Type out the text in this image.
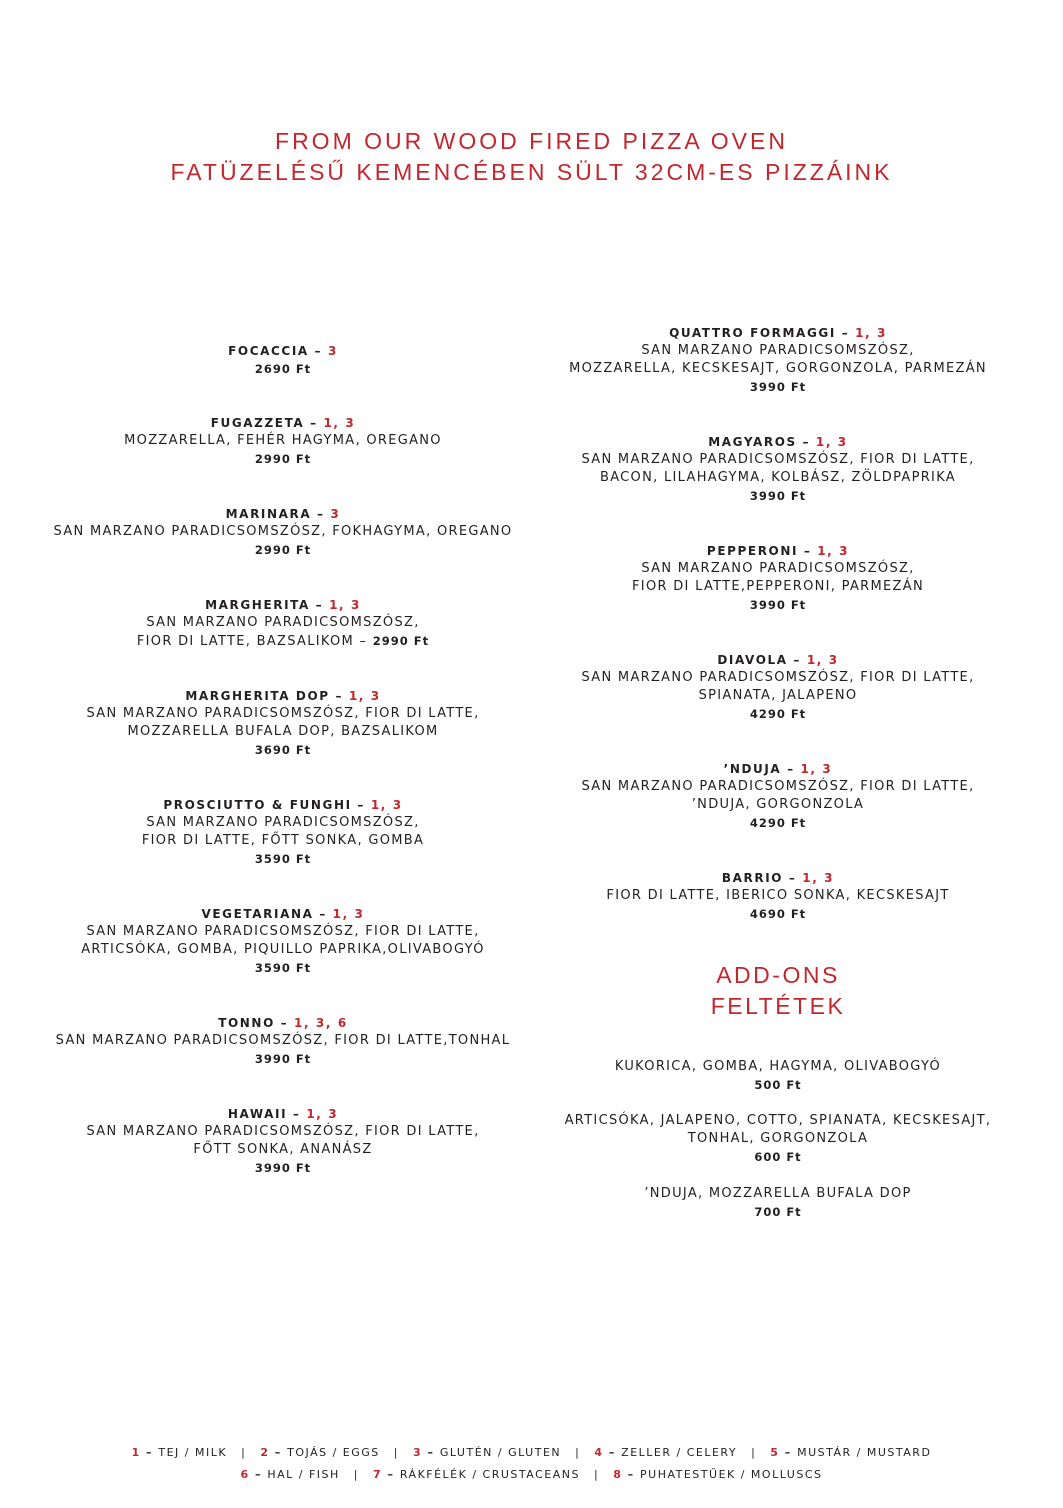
FROM OUR WOOD FIRED PIZZA OVEN
FATÜZELÉSŰ KEMENCÉBEN SÜLT 32CM-ES PIZZÁINK
FOCACCIA – 3
2690 Ft
FUGAZZETA – 1, 3
MOZZARELLA, FEHÉR HAGYMA, OREGANO
2990 Ft
MARINARA – 3
SAN MARZANO PARADICSOMSZÓSZ, FOKHAGYMA, OREGANO
2990 Ft
MARGHERITA – 1, 3
SAN MARZANO PARADICSOMSZÓSZ,
FIOR DI LATTE, BAZSALIKOM – 2990 Ft
MARGHERITA DOP – 1, 3
SAN MARZANO PARADICSOMSZÓSZ, FIOR DI LATTE,
MOZZARELLA BUFALA DOP, BAZSALIKOM
3690 Ft
PROSCIUTTO & FUNGHI – 1, 3
SAN MARZANO PARADICSOMSZÓSZ,
FIOR DI LATTE, FŐTT SONKA, GOMBA
3590 Ft
VEGETARIANA – 1, 3
SAN MARZANO PARADICSOMSZÓSZ, FIOR DI LATTE,
ARTICSÓKA, GOMBA, PIQUILLO PAPRIKA,OLIVABOGYÓ
3590 Ft
TONNO – 1, 3, 6
SAN MARZANO PARADICSOMSZÓSZ, FIOR DI LATTE,TONHAL
3990 Ft
HAWAII – 1, 3
SAN MARZANO PARADICSOMSZÓSZ, FIOR DI LATTE,
FŐTT SONKA, ANANÁSZ
3990 Ft
QUATTRO FORMAGGI – 1, 3
SAN MARZANO PARADICSOMSZÓSZ,
MOZZARELLA, KECSKESAJT, GORGONZOLA, PARMEZÁN
3990 Ft
MAGYAROS – 1, 3
SAN MARZANO PARADICSOMSZÓSZ, FIOR DI LATTE,
BACON, LILAHAGYMA, KOLBÁSZ, ZÖLDPAPRIKA
3990 Ft
PEPPERONI – 1, 3
SAN MARZANO PARADICSOMSZÓSZ,
FIOR DI LATTE,PEPPERONI, PARMEZÁN
3990 Ft
DIAVOLA – 1, 3
SAN MARZANO PARADICSOMSZÓSZ, FIOR DI LATTE,
SPIANATA, JALAPENO
4290 Ft
’NDUJA – 1, 3
SAN MARZANO PARADICSOMSZÓSZ, FIOR DI LATTE,
’NDUJA, GORGONZOLA
4290 Ft
BARRIO – 1, 3
FIOR DI LATTE, IBERICO SONKA, KECSKESAJT
4690 Ft
ADD-ONS
FELTÉTEK
KUKORICA, GOMBA, HAGYMA, OLIVABOGYÓ
500 Ft
ARTICSÓKA, JALAPENO, COTTO, SPIANATA, KECSKESAJT,
TONHAL, GORGONZOLA
600 Ft
’NDUJA, MOZZARELLA BUFALA DOP
700 Ft
1 – TEJ / MILK | 2 – TOJÁS / EGGS | 3 – GLUTÉN / GLUTEN | 4 – ZELLER / CELERY | 5 – MUSTÁR / MUSTARD
6 – HAL / FISH | 7 – RÁKFÉLÉK / CRUSTACEANS | 8 – PUHATESTŰEK / MOLLUSCS
